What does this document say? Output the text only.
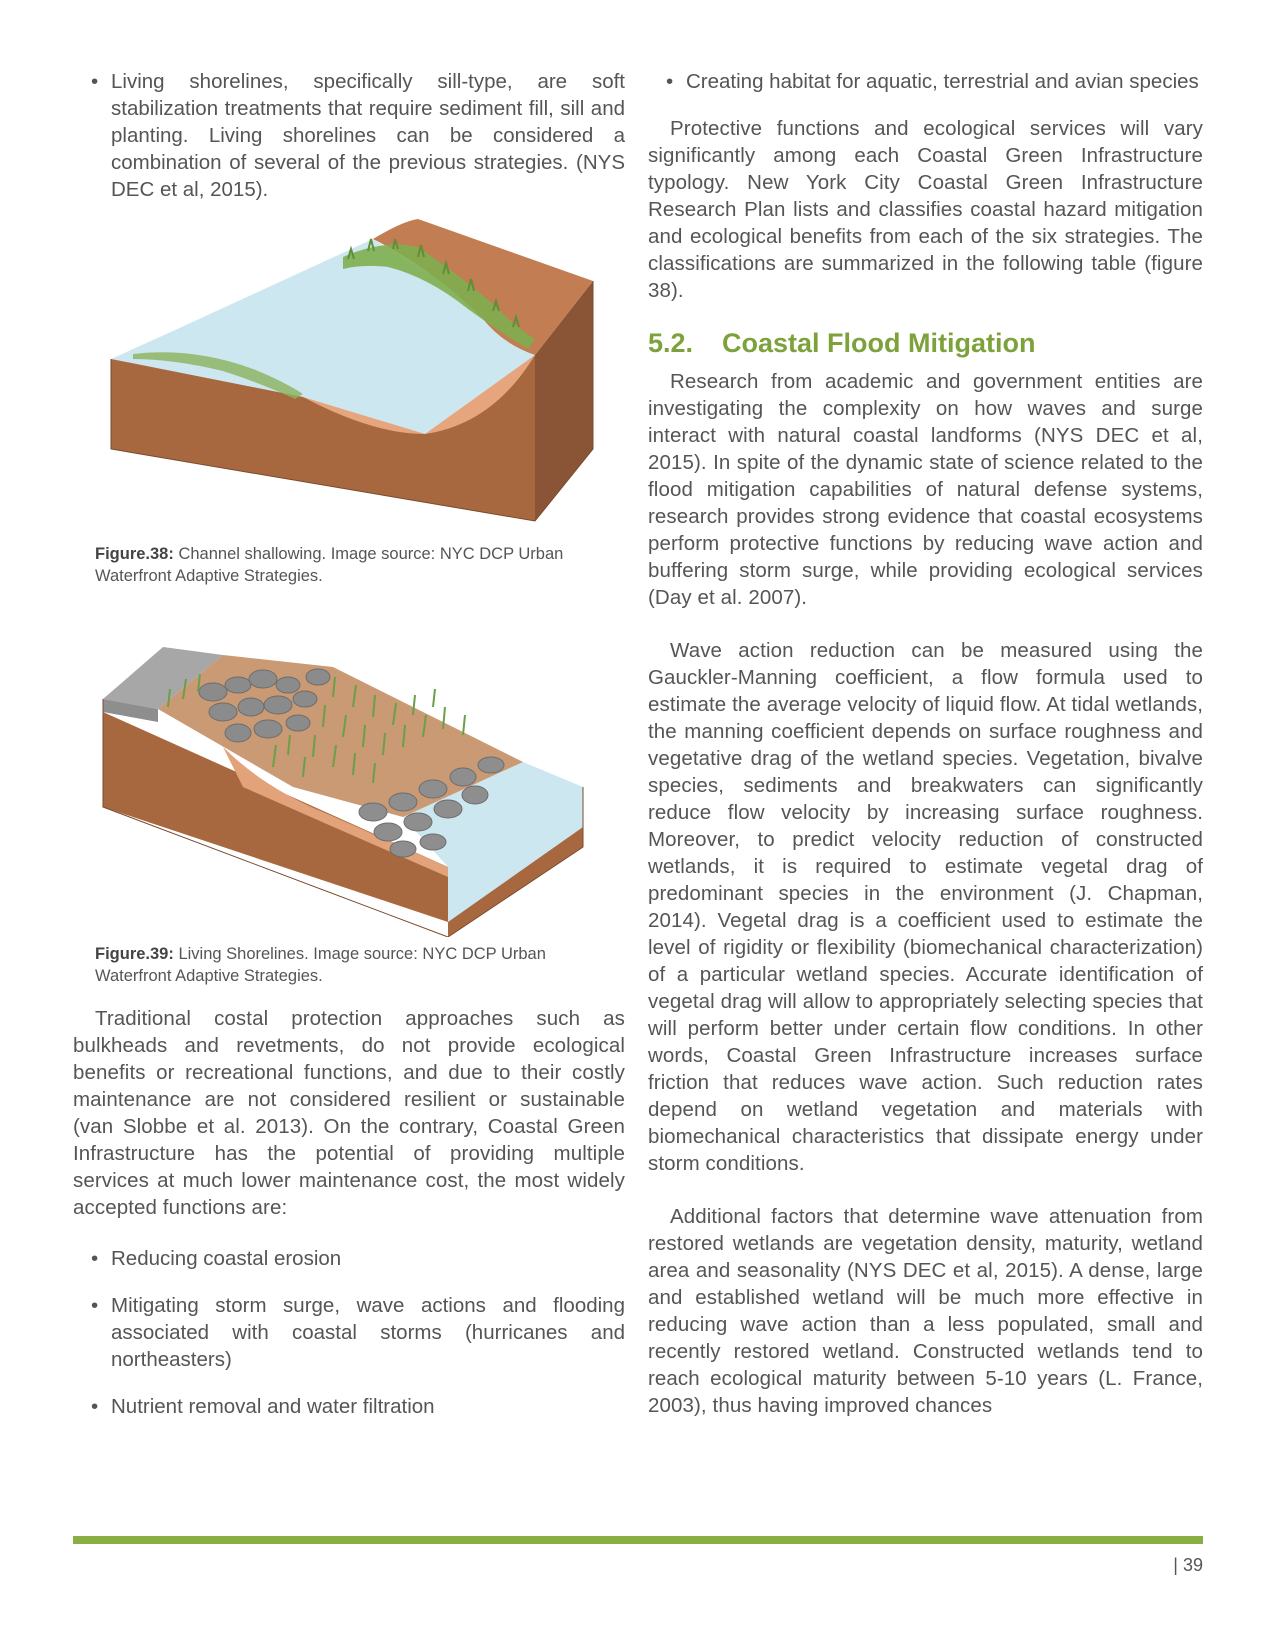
• Living shorelines, specifically sill-type, are soft stabilization treatments that require sediment fill, sill and planting. Living shorelines can be considered a combination of several of the previous strategies. (NYS DEC et al, 2015).
Figure.38: Channel shallowing. Image source: NYC DCP Urban Waterfront Adaptive Strategies.
Figure.39: Living Shorelines. Image source: NYC DCP Urban Waterfront Adaptive Strategies.

Traditional costal protection approaches such as bulkheads and revetments, do not provide ecological benefits or recreational functions, and due to their costly maintenance are not considered resilient or sustainable (van Slobbe et al. 2013). On the contrary, Coastal Green Infrastructure has the potential of providing multiple services at much lower maintenance cost, the most widely accepted functions are:

• Reducing coastal erosion
• Mitigating storm surge, wave actions and flooding associated with coastal storms (hurricanes and northeasters)
• Nutrient removal and water filtration
• Creating habitat for aquatic, terrestrial and avian species

Protective functions and ecological services will vary significantly among each Coastal Green Infrastructure typology. New York City Coastal Green Infrastructure Research Plan lists and classifies coastal hazard mitigation and ecological benefits from each of the six strategies. The classifications are summarized in the following table (figure 38).

5.2. Coastal Flood Mitigation

Research from academic and government entities are investigating the complexity on how waves and surge interact with natural coastal landforms (NYS DEC et al, 2015). In spite of the dynamic state of science related to the flood mitigation capabilities of natural defense systems, research provides strong evidence that coastal ecosystems perform protective functions by reducing wave action and buffering storm surge, while providing ecological services (Day et al. 2007).

Wave action reduction can be measured using the Gauckler-Manning coefficient, a flow formula used to estimate the average velocity of liquid flow. At tidal wetlands, the manning coefficient depends on surface roughness and vegetative drag of the wetland species. Vegetation, bivalve species, sediments and breakwaters can significantly reduce flow velocity by increasing surface roughness. Moreover, to predict velocity reduction of constructed wetlands, it is required to estimate vegetal drag of predominant species in the environment (J. Chapman, 2014). Vegetal drag is a coefficient used to estimate the level of rigidity or flexibility (biomechanical characterization) of a particular wetland species. Accurate identification of vegetal drag will allow to appropriately selecting species that will perform better under certain flow conditions. In other words, Coastal Green Infrastructure increases surface friction that reduces wave action. Such reduction rates depend on wetland vegetation and materials with biomechanical characteristics that dissipate energy under storm conditions.

Additional factors that determine wave attenuation from restored wetlands are vegetation density, maturity, wetland area and seasonality (NYS DEC et al, 2015). A dense, large and established wetland will be much more effective in reducing wave action than a less populated, small and recently restored wetland. Constructed wetlands tend to reach ecological maturity between 5-10 years (L. France, 2003), thus having improved chances

| 39
